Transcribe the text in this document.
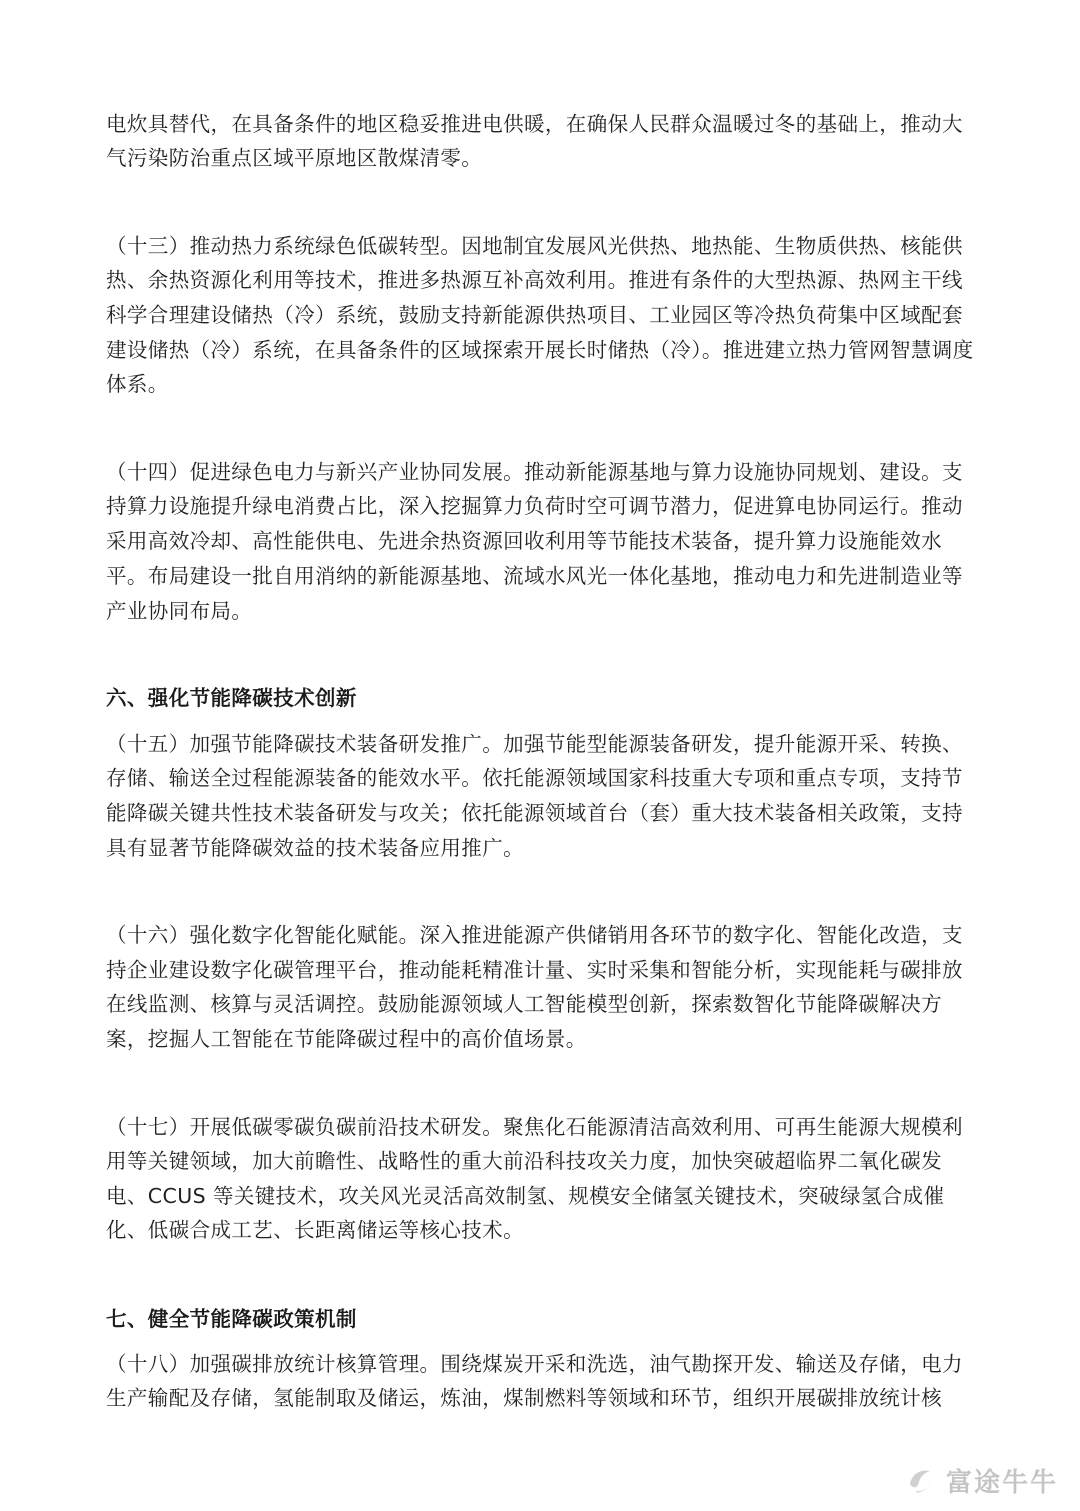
电炊具替代，在具备条件的地区稳妥推进电供暖，在确保人民群众温暖过冬的基础上，推动大
气污染防治重点区域平原地区散煤清零。
（十三）推动热力系统绿色低碳转型。因地制宜发展风光供热、地热能、生物质供热、核能供
热、余热资源化利用等技术，推进多热源互补高效利用。推进有条件的大型热源、热网主干线
科学合理建设储热（冷）系统，鼓励支持新能源供热项目、工业园区等冷热负荷集中区域配套
建设储热（冷）系统，在具备条件的区域探索开展长时储热（冷）。推进建立热力管网智慧调度
体系。
（十四）促进绿色电力与新兴产业协同发展。推动新能源基地与算力设施协同规划、建设。支
持算力设施提升绿电消费占比，深入挖掘算力负荷时空可调节潜力，促进算电协同运行。推动
采用高效冷却、高性能供电、先进余热资源回收利用等节能技术装备，提升算力设施能效水
平。布局建设一批自用消纳的新能源基地、流域水风光一体化基地，推动电力和先进制造业等
产业协同布局。
六、强化节能降碳技术创新
（十五）加强节能降碳技术装备研发推广。加强节能型能源装备研发，提升能源开采、转换、
存储、输送全过程能源装备的能效水平。依托能源领域国家科技重大专项和重点专项，支持节
能降碳关键共性技术装备研发与攻关；依托能源领域首台（套）重大技术装备相关政策，支持
具有显著节能降碳效益的技术装备应用推广。
（十六）强化数字化智能化赋能。深入推进能源产供储销用各环节的数字化、智能化改造，支
持企业建设数字化碳管理平台，推动能耗精准计量、实时采集和智能分析，实现能耗与碳排放
在线监测、核算与灵活调控。鼓励能源领域人工智能模型创新，探索数智化节能降碳解决方
案，挖掘人工智能在节能降碳过程中的高价值场景。
（十七）开展低碳零碳负碳前沿技术研发。聚焦化石能源清洁高效利用、可再生能源大规模利
用等关键领域，加大前瞻性、战略性的重大前沿科技攻关力度，加快突破超临界二氧化碳发
电、CCUS 等关键技术，攻关风光灵活高效制氢、规模安全储氢关键技术，突破绿氢合成催
化、低碳合成工艺、长距离储运等核心技术。
七、健全节能降碳政策机制
（十八）加强碳排放统计核算管理。围绕煤炭开采和洗选，油气勘探开发、输送及存储，电力
生产输配及存储，氢能制取及储运，炼油，煤制燃料等领域和环节，组织开展碳排放统计核
富途牛牛
